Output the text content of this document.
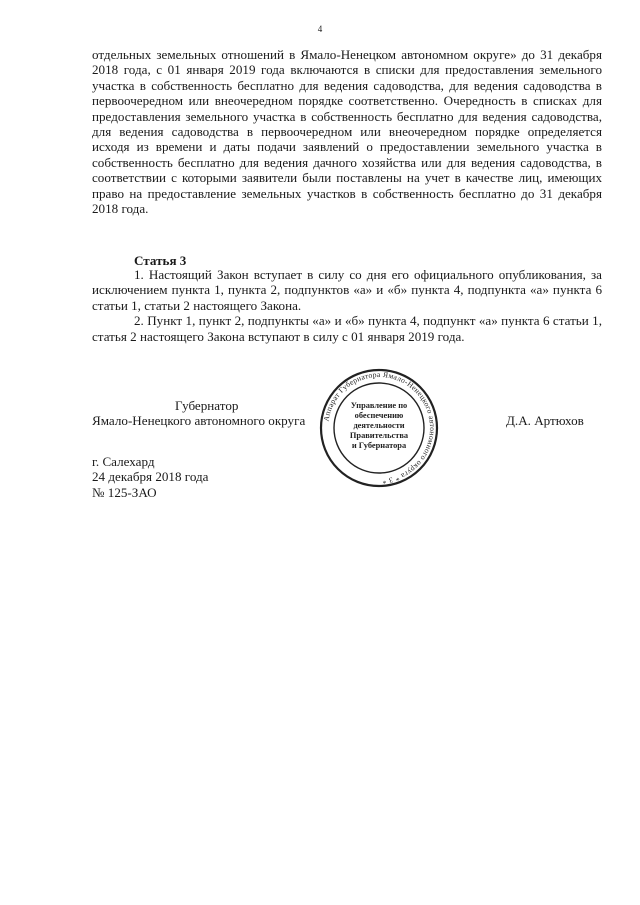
4

отдельных земельных отношений в Ямало-Ненецком автономном округе» до 31 декабря 2018 года, с 01 января 2019 года включаются в списки для предоставления земельного участка в собственность бесплатно для ведения садоводства, для ведения садоводства в первоочередном или внеочередном порядке соответственно. Очередность в списках для предоставления земельного участка в собственность бесплатно для ведения садоводства, для ведения садоводства в первоочередном или внеочередном порядке определяется исходя из времени и даты подачи заявлений о предоставлении земельного участка в собственность бесплатно для ведения дачного хозяйства или для ведения садоводства, в соответствии с которыми заявители были поставлены на учет в качестве лиц, имеющих право на предоставление земельных участков в собственность бесплатно до 31 декабря 2018 года.

Статья 3

1. Настоящий Закон вступает в силу со дня его официального опубликования, за исключением пункта 1, пункта 2, подпунктов «а» и «б» пункта 4, подпункта «а» пункта 6 статьи 1, статьи 2 настоящего Закона.

2. Пункт 1, пункт 2, подпункты «а» и «б» пункта 4, подпункт «а» пункта 6 статьи 1, статья 2 настоящего Закона вступают в силу с 01 января 2019 года.

Губернатор

Ямало-Ненецкого автономного округа	Д.А. Артюхов

Аппарат Губернатора Ямало-Ненецкого автономного округа * 3 *
Управление по
обеспечению
деятельности
Правительства
и Губернатора
г. Салехард
24 декабря 2018 года
№ 125-ЗАО
